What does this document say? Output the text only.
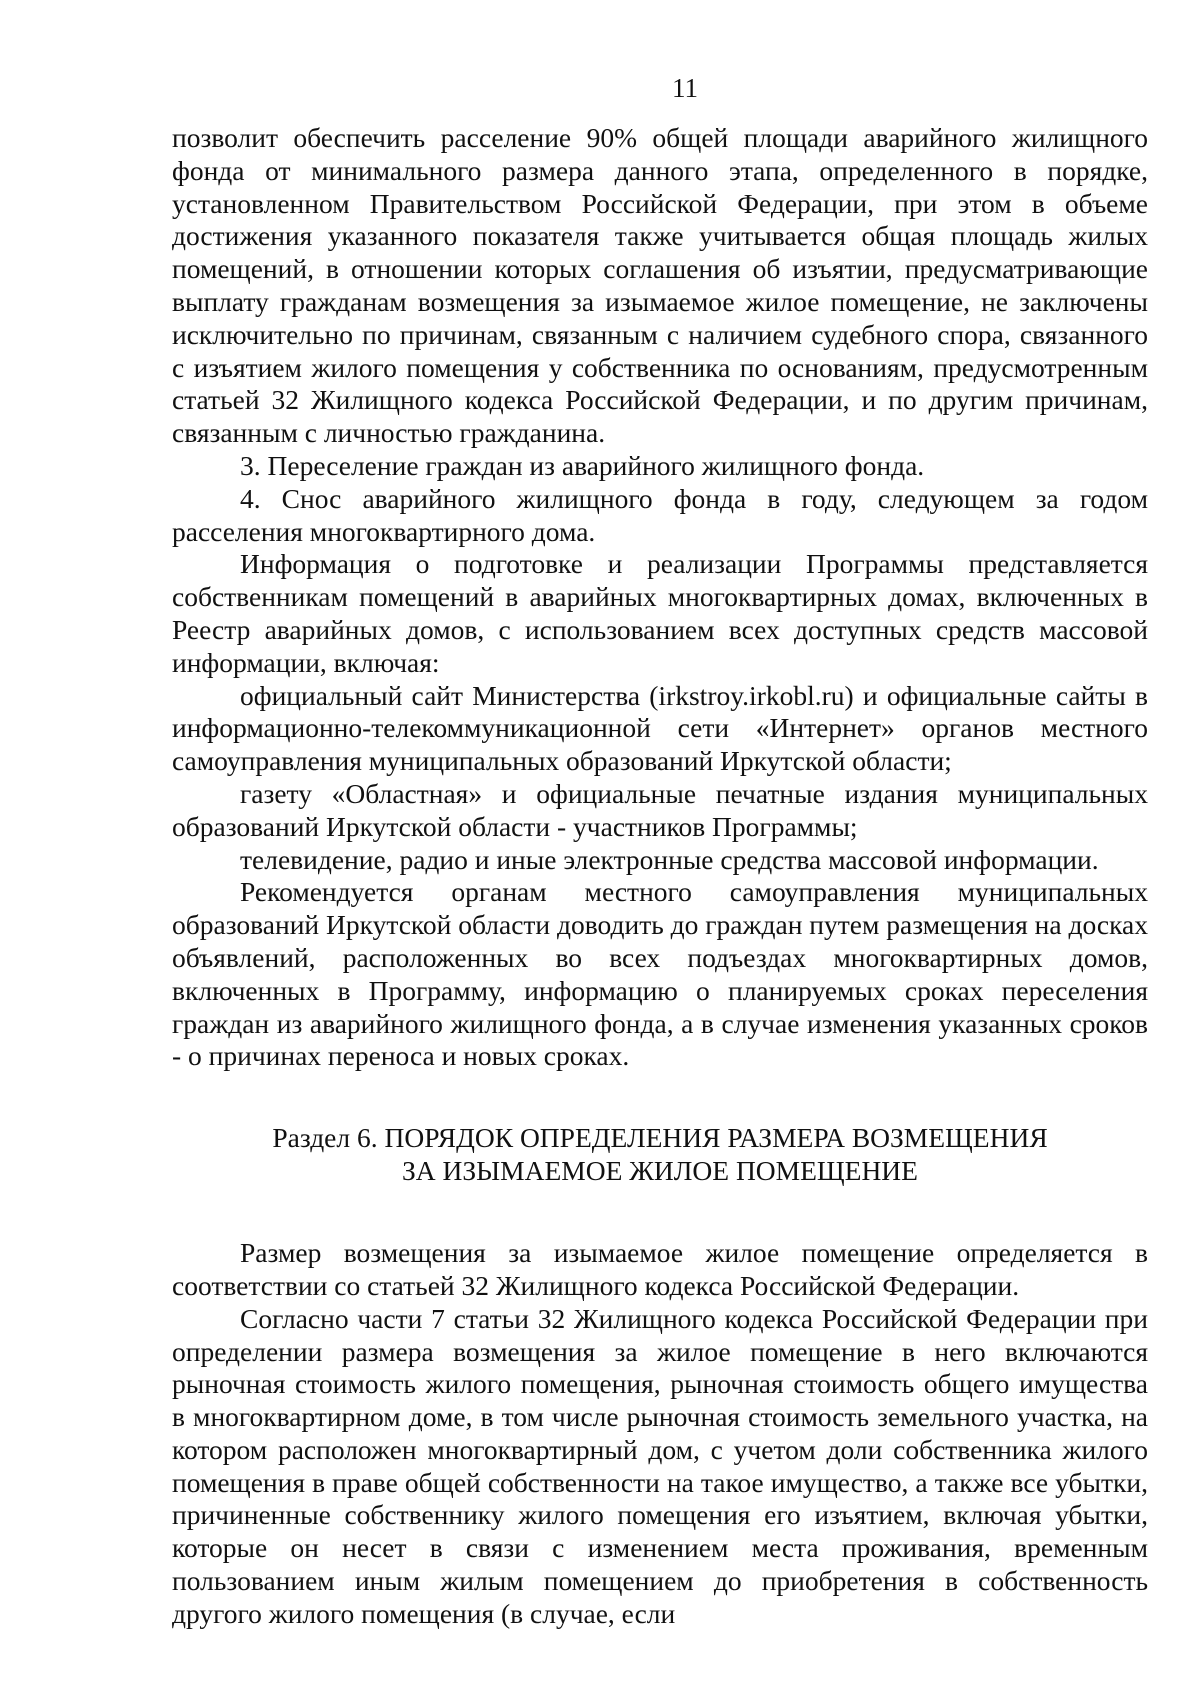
11

позволит обеспечить расселение 90% общей площади аварийного жилищного фонда от минимального размера данного этапа, определенного в порядке, установленном Правительством Российской Федерации, при этом в объеме достижения указанного показателя также учитывается общая площадь жилых помещений, в отношении которых соглашения об изъятии, предусматривающие выплату гражданам возмещения за изымаемое жилое помещение, не заключены исключительно по причинам, связанным с наличием судебного спора, связанного с изъятием жилого помещения у собственника по основаниям, предусмотренным статьей 32 Жилищного кодекса Российской Федерации, и по другим причинам, связанным с личностью гражданина.

3. Переселение граждан из аварийного жилищного фонда.

4. Снос аварийного жилищного фонда в году, следующем за годом расселения многоквартирного дома.

Информация о подготовке и реализации Программы представляется собственникам помещений в аварийных многоквартирных домах, включенных в Реестр аварийных домов, с использованием всех доступных средств массовой информации, включая:

официальный сайт Министерства (irkstroy.irkobl.ru) и официальные сайты в информационно-телекоммуникационной сети «Интернет» органов местного самоуправления муниципальных образований Иркутской области;

газету «Областная» и официальные печатные издания муниципальных образований Иркутской области - участников Программы;

телевидение, радио и иные электронные средства массовой информации.

Рекомендуется органам местного самоуправления муниципальных образований Иркутской области доводить до граждан путем размещения на досках объявлений, расположенных во всех подъездах многоквартирных домов, включенных в Программу, информацию о планируемых сроках переселения граждан из аварийного жилищного фонда, а в случае изменения указанных сроков - о причинах переноса и новых сроках.

Раздел 6. ПОРЯДОК ОПРЕДЕЛЕНИЯ РАЗМЕРА ВОЗМЕЩЕНИЯ
ЗА ИЗЫМАЕМОЕ ЖИЛОЕ ПОМЕЩЕНИЕ

Размер возмещения за изымаемое жилое помещение определяется в соответствии со статьей 32 Жилищного кодекса Российской Федерации.

Согласно части 7 статьи 32 Жилищного кодекса Российской Федерации при определении размера возмещения за жилое помещение в него включаются рыночная стоимость жилого помещения, рыночная стоимость общего имущества в многоквартирном доме, в том числе рыночная стоимость земельного участка, на котором расположен многоквартирный дом, с учетом доли собственника жилого помещения в праве общей собственности на такое имущество, а также все убытки, причиненные собственнику жилого помещения его изъятием, включая убытки, которые он несет в связи с изменением места проживания, временным пользованием иным жилым помещением до приобретения в собственность другого жилого помещения (в случае, если
